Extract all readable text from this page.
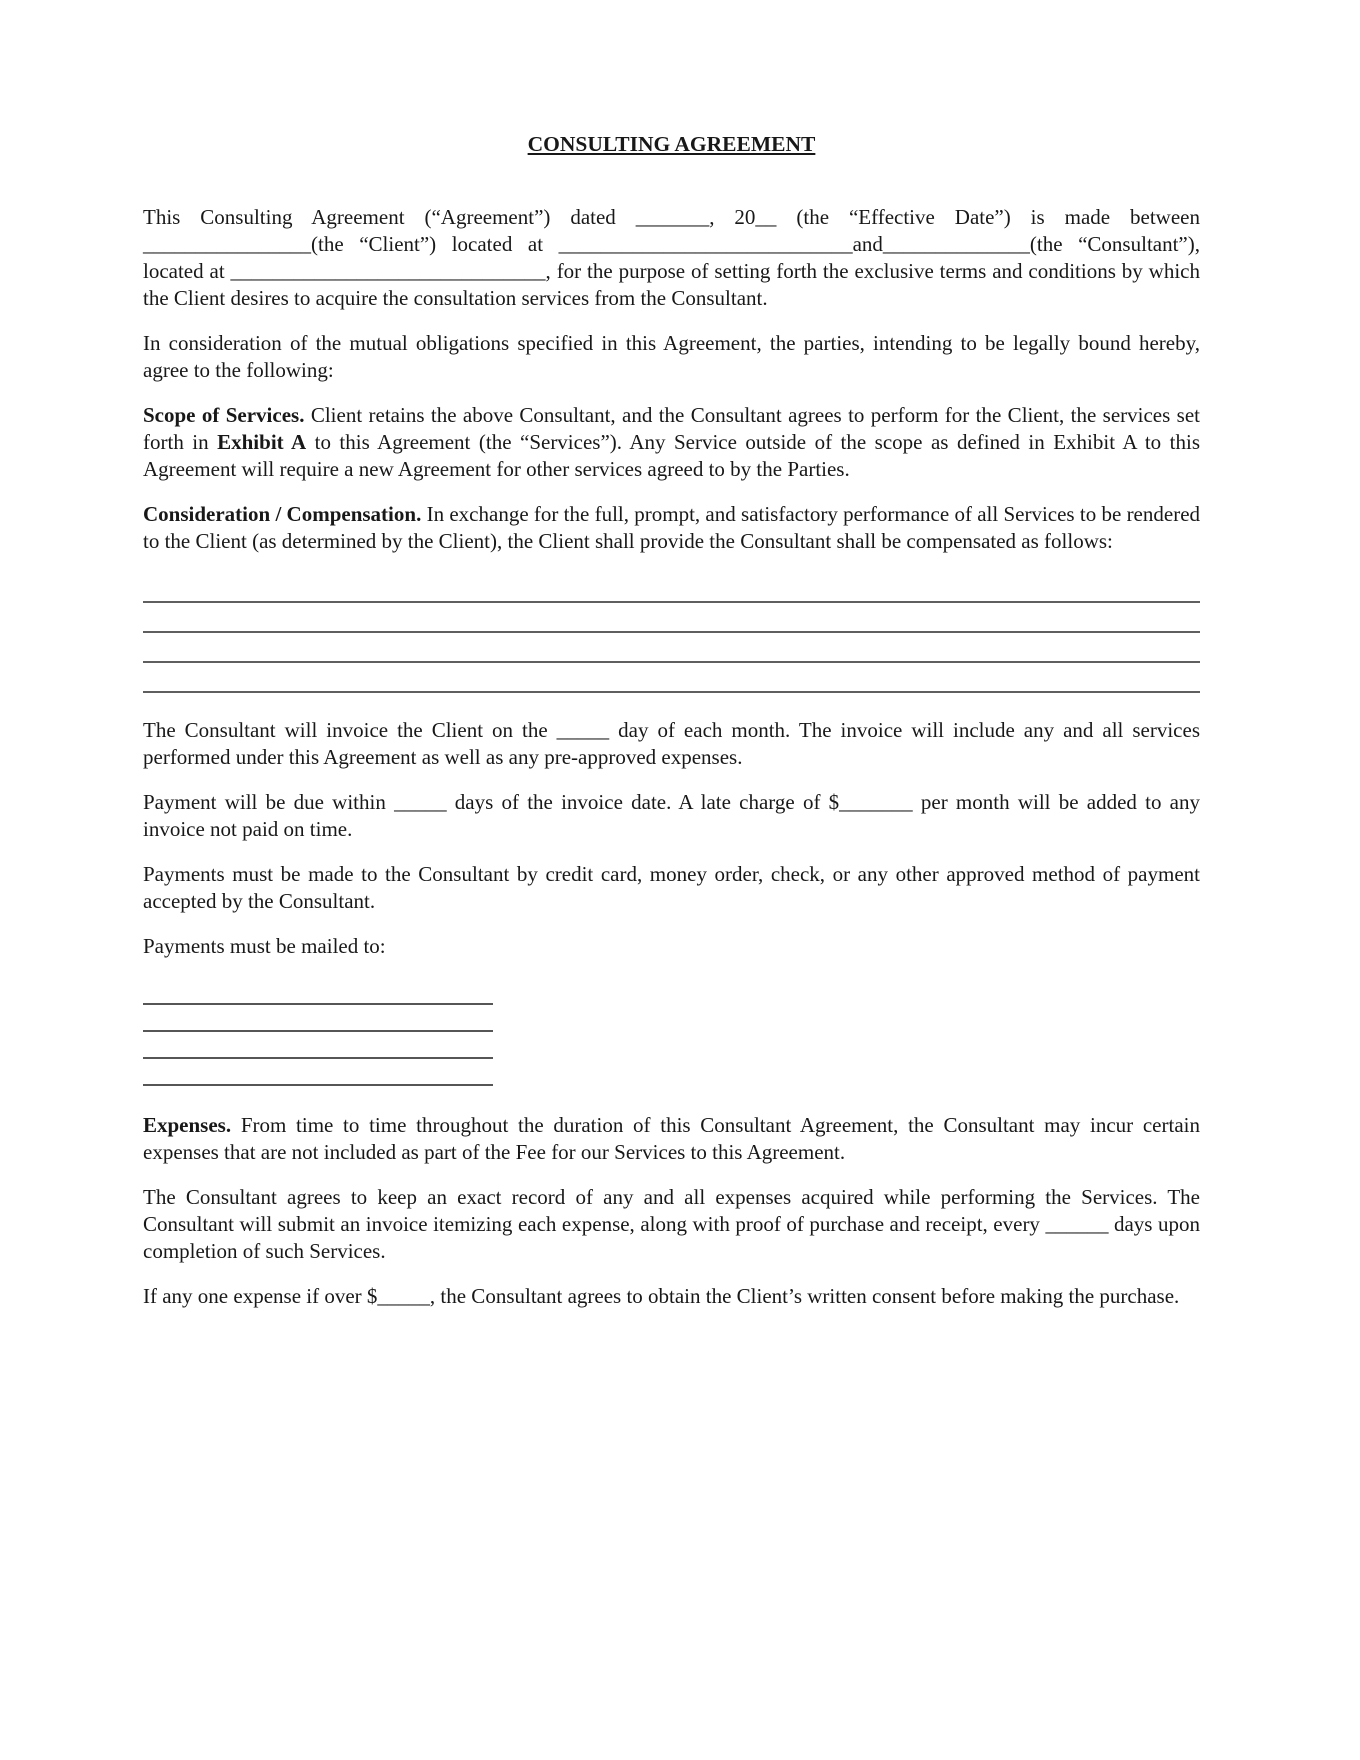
CONSULTING AGREEMENT

This Consulting Agreement (“Agreement”) dated _______, 20__ (the “Effective Date”) is made between ________________(the “Client”) located at ____________________________and______________(the “Consultant”), located at ______________________________, for the purpose of setting forth the exclusive terms and conditions by which the Client desires to acquire the consultation services from the Consultant.

In consideration of the mutual obligations specified in this Agreement, the parties, intending to be legally bound hereby, agree to the following:

Scope of Services. Client retains the above Consultant, and the Consultant agrees to perform for the Client, the services set forth in Exhibit A to this Agreement (the “Services”). Any Service outside of the scope as defined in Exhibit A to this Agreement will require a new Agreement for other services agreed to by the Parties.

Consideration / Compensation. In exchange for the full, prompt, and satisfactory performance of all Services to be rendered to the Client (as determined by the Client), the Client shall provide the Consultant shall be compensated as follows:

The Consultant will invoice the Client on the _____ day of each month. The invoice will include any and all services performed under this Agreement as well as any pre-approved expenses.

Payment will be due within _____ days of the invoice date. A late charge of $_______ per month will be added to any invoice not paid on time.

Payments must be made to the Consultant by credit card, money order, check, or any other approved method of payment accepted by the Consultant.

Payments must be mailed to:

Expenses. From time to time throughout the duration of this Consultant Agreement, the Consultant may incur certain expenses that are not included as part of the Fee for our Services to this Agreement.

The Consultant agrees to keep an exact record of any and all expenses acquired while performing the Services. The Consultant will submit an invoice itemizing each expense, along with proof of purchase and receipt, every ______ days upon completion of such Services.

If any one expense if over $_____, the Consultant agrees to obtain the Client’s written consent before making the purchase.
